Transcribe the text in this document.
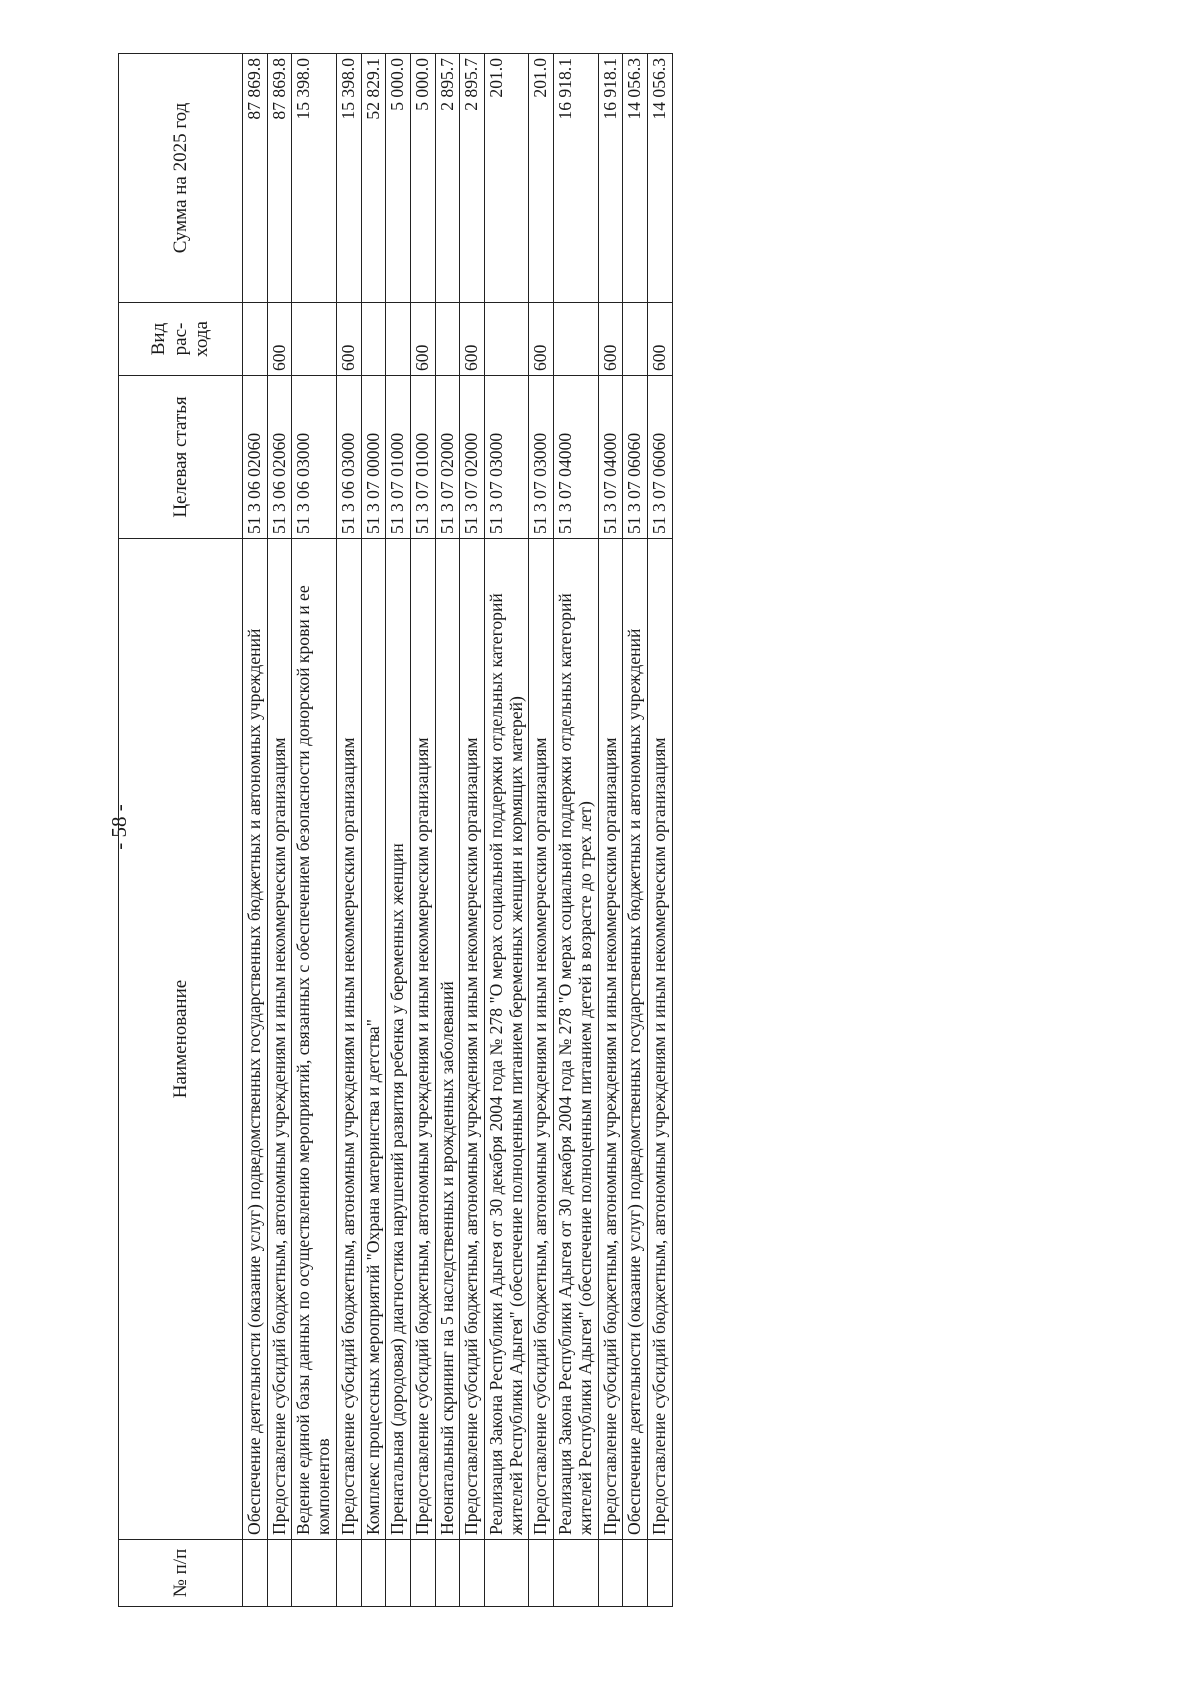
- 58 -
№ п/п	Наименование	Целевая статья	Вид рас-хода	Сумма на 2025 год
	Обеспечение деятельности (оказание услуг) подведомственных государственных бюджетных и автономных учреждений	51 3 06 02060		87 869.8
	Предоставление субсидий бюджетным, автономным учреждениям и иным некоммерческим организациям	51 3 06 02060	600	87 869.8
	Ведение единой базы данных по осуществлению мероприятий, связанных с обеспечением безопасности донорской крови и ее компонентов	51 3 06 03000		15 398.0
	Предоставление субсидий бюджетным, автономным учреждениям и иным некоммерческим организациям	51 3 06 03000	600	15 398.0
	Комплекс процессных мероприятий "Охрана материнства и детства"	51 3 07 00000		52 829.1
	Пренатальная (дородовая) диагностика нарушений развития ребенка у беременных женщин	51 3 07 01000		5 000.0
	Предоставление субсидий бюджетным, автономным учреждениям и иным некоммерческим организациям	51 3 07 01000	600	5 000.0
	Неонатальный скрининг на 5 наследственных и врожденных заболеваний	51 3 07 02000		2 895.7
	Предоставление субсидий бюджетным, автономным учреждениям и иным некоммерческим организациям	51 3 07 02000	600	2 895.7
	Реализация Закона Республики Адыгея от 30 декабря 2004 года № 278 "О мерах социальной поддержки отдельных категорий жителей Республики Адыгея" (обеспечение полноценным питанием беременных женщин и кормящих матерей)	51 3 07 03000		201.0
	Предоставление субсидий бюджетным, автономным учреждениям и иным некоммерческим организациям	51 3 07 03000	600	201.0
	Реализация Закона Республики Адыгея от 30 декабря 2004 года № 278 "О мерах социальной поддержки отдельных категорий жителей Республики Адыгея" (обеспечение полноценным питанием детей в возрасте до трех лет)	51 3 07 04000		16 918.1
	Предоставление субсидий бюджетным, автономным учреждениям и иным некоммерческим организациям	51 3 07 04000	600	16 918.1
	Обеспечение деятельности (оказание услуг) подведомственных государственных бюджетных и автономных учреждений	51 3 07 06060		14 056.3
	Предоставление субсидий бюджетным, автономным учреждениям и иным некоммерческим организациям	51 3 07 06060	600	14 056.3
